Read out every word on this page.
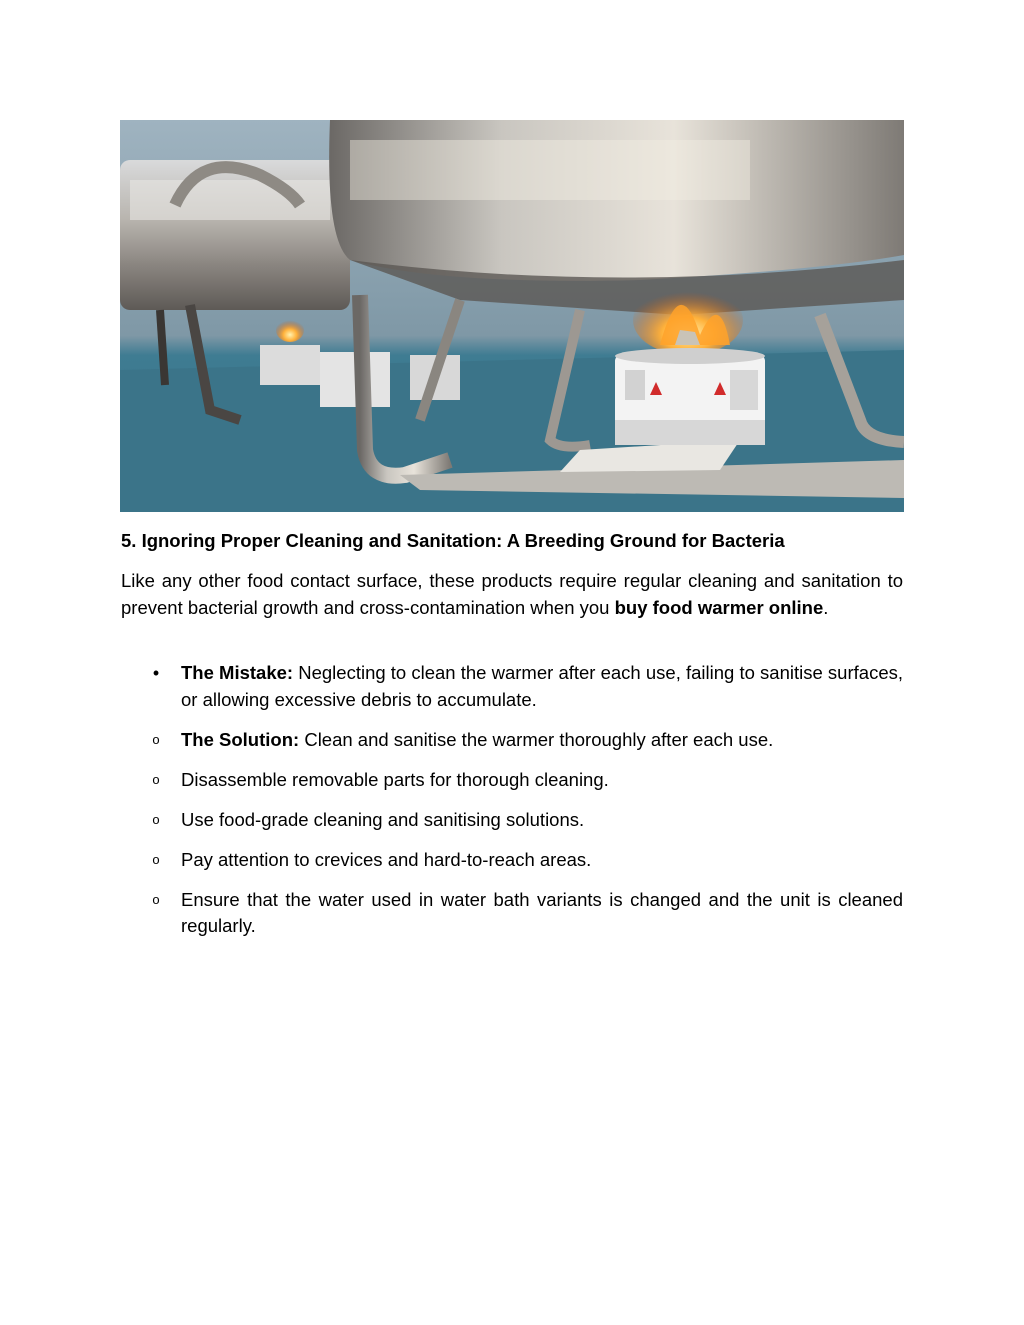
5. Ignoring Proper Cleaning and Sanitation: A Breeding Ground for Bacteria

Like any other food contact surface, these products require regular cleaning and sanitation to prevent bacterial growth and cross-contamination when you buy food warmer online.

• The Mistake: Neglecting to clean the warmer after each use, failing to sanitise surfaces, or allowing excessive debris to accumulate.
o The Solution: Clean and sanitise the warmer thoroughly after each use.
o Disassemble removable parts for thorough cleaning.
o Use food-grade cleaning and sanitising solutions.
o Pay attention to crevices and hard-to-reach areas.
o Ensure that the water used in water bath variants is changed and the unit is cleaned regularly.
